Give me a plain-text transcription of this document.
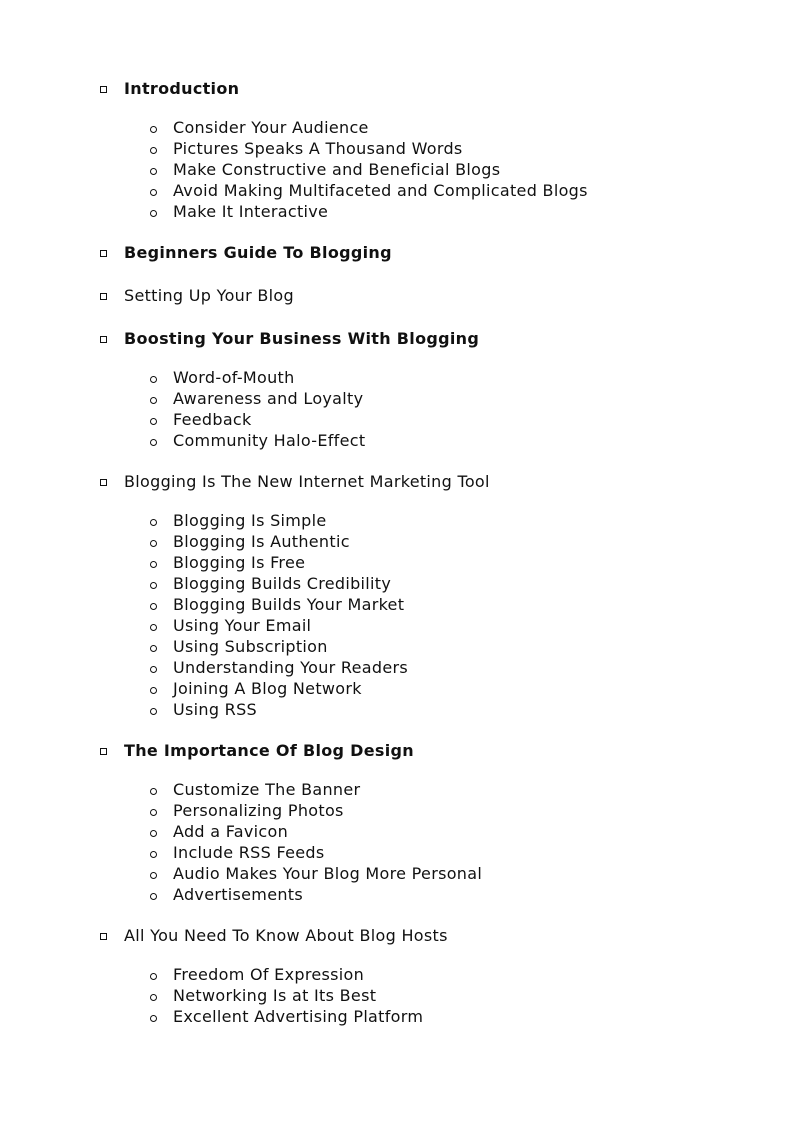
Introduction
Consider Your Audience
Pictures Speaks A Thousand Words
Make Constructive and Beneficial Blogs
Avoid Making Multifaceted and Complicated Blogs
Make It Interactive
Beginners Guide To Blogging
Setting Up Your Blog
Boosting Your Business With Blogging
Word-of-Mouth
Awareness and Loyalty
Feedback
Community Halo-Effect
Blogging Is The New Internet Marketing Tool
Blogging Is Simple
Blogging Is Authentic
Blogging Is Free
Blogging Builds Credibility
Blogging Builds Your Market
Using Your Email
Using Subscription
Understanding Your Readers
Joining A Blog Network
Using RSS
The Importance Of Blog Design
Customize The Banner
Personalizing Photos
Add a Favicon
Include RSS Feeds
Audio Makes Your Blog More Personal
Advertisements
All You Need To Know About Blog Hosts
Freedom Of Expression
Networking Is at Its Best
Excellent Advertising Platform
